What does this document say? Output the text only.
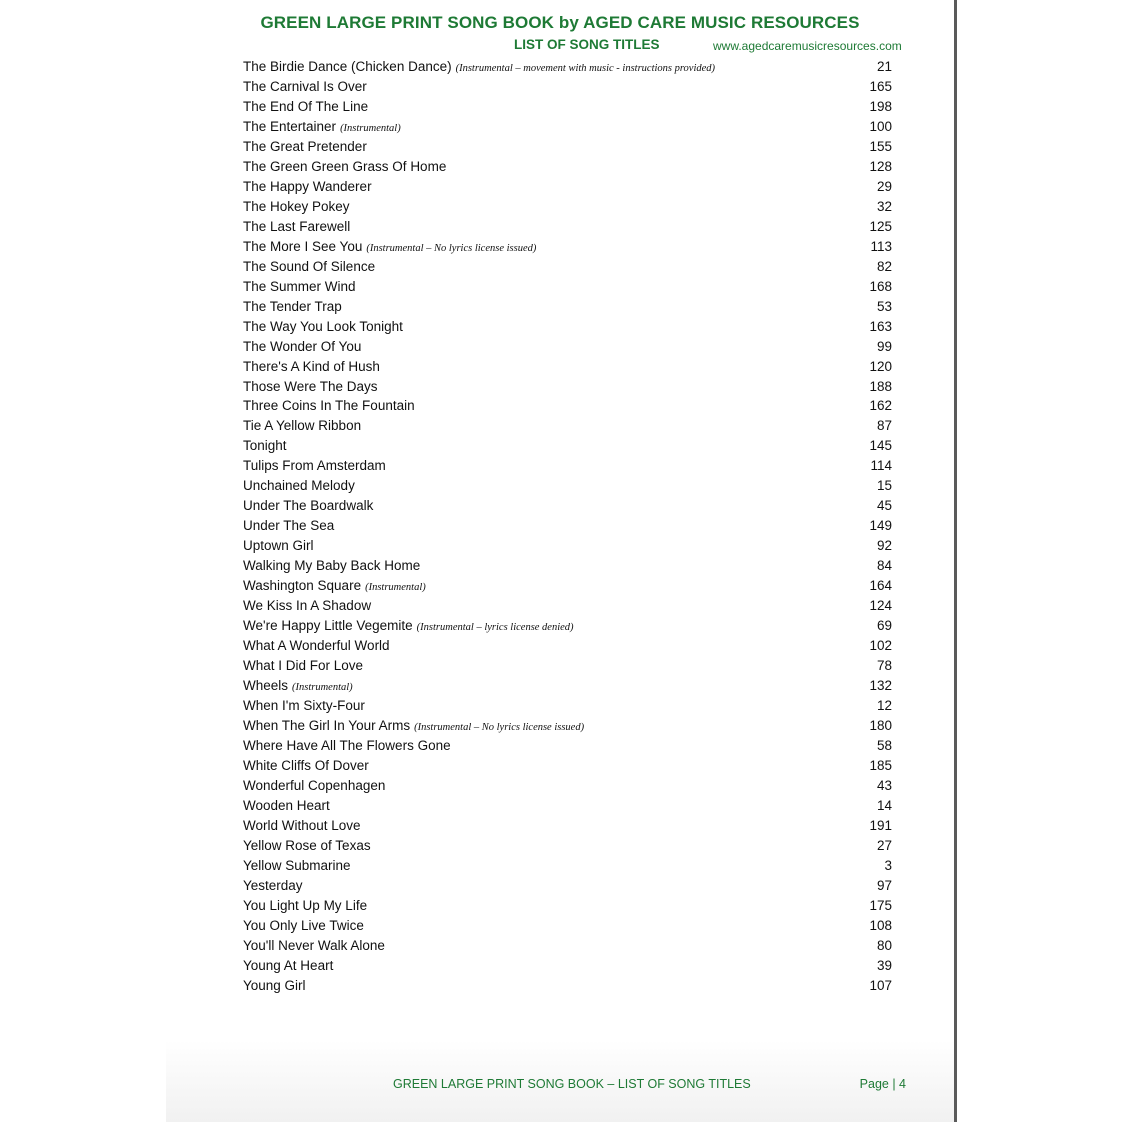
GREEN LARGE PRINT SONG BOOK by AGED CARE MUSIC RESOURCES
LIST OF SONG TITLES	www.agedcaremusicresources.com
The Birdie Dance (Chicken Dance) (Instrumental – movement with music - instructions provided)	21
The Carnival Is Over	165
The End Of The Line	198
The Entertainer (Instrumental)	100
The Great Pretender	155
The Green Green Grass Of Home	128
The Happy Wanderer	29
The Hokey Pokey	32
The Last Farewell	125
The More I See You (Instrumental – No lyrics license issued)	113
The Sound Of Silence	82
The Summer Wind	168
The Tender Trap	53
The Way You Look Tonight	163
The Wonder Of You	99
There's A Kind of Hush	120
Those Were The Days	188
Three Coins In The Fountain	162
Tie A Yellow Ribbon	87
Tonight	145
Tulips From Amsterdam	114
Unchained Melody	15
Under The Boardwalk	45
Under The Sea	149
Uptown Girl	92
Walking My Baby Back Home	84
Washington Square (Instrumental)	164
We Kiss In A Shadow	124
We're Happy Little Vegemite (Instrumental – lyrics license denied)	69
What A Wonderful World	102
What I Did For Love	78
Wheels (Instrumental)	132
When I'm Sixty-Four	12
When The Girl In Your Arms (Instrumental – No lyrics license issued)	180
Where Have All The Flowers Gone	58
White Cliffs Of Dover	185
Wonderful Copenhagen	43
Wooden Heart	14
World Without Love	191
Yellow Rose of Texas	27
Yellow Submarine	3
Yesterday	97
You Light Up My Life	175
You Only Live Twice	108
You'll Never Walk Alone	80
Young At Heart	39
Young Girl	107
GREEN LARGE PRINT SONG BOOK – LIST OF SONG TITLES	Page | 4
